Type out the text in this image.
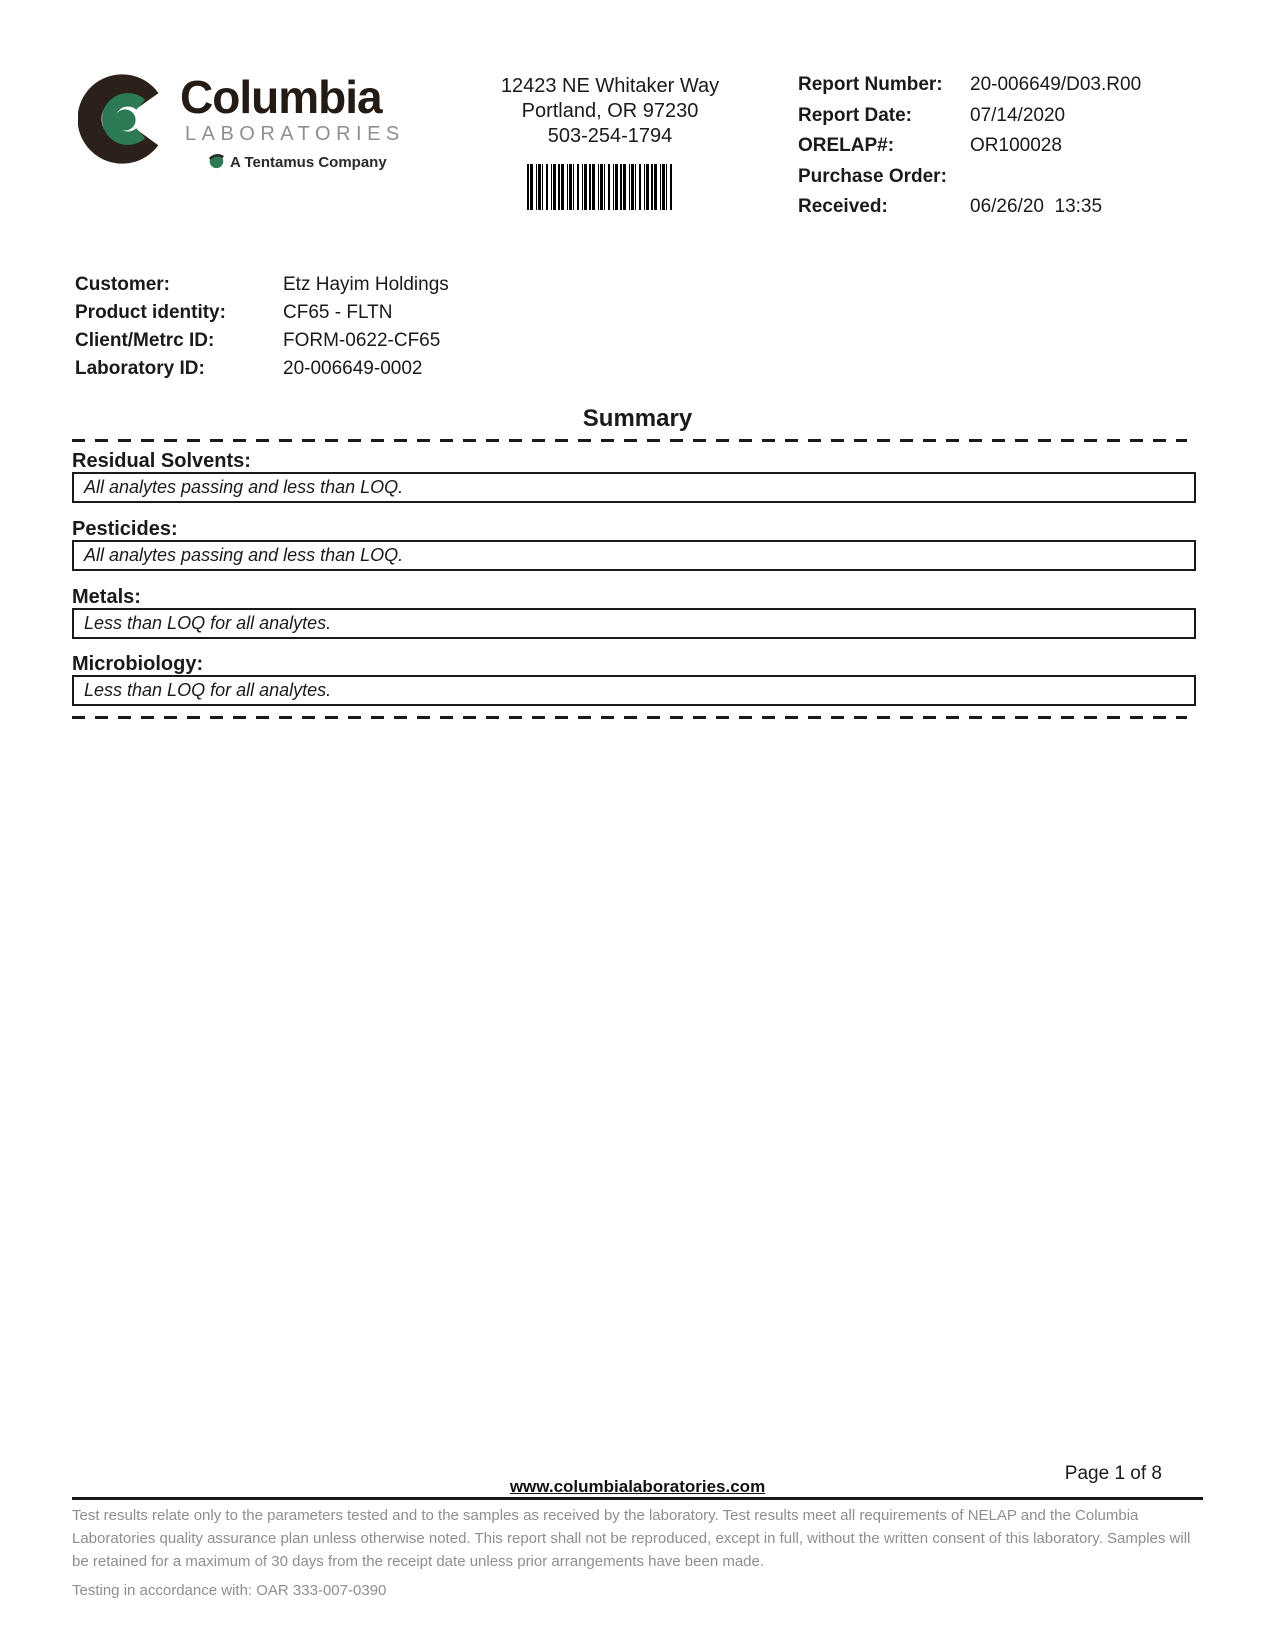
Columbia
LABORATORIES
A Tentamus Company
12423 NE Whitaker Way
Portland, OR 97230
503-254-1794
Report Number:	20-006649/D03.R00
Report Date:	07/14/2020
ORELAP#:	OR100028
Purchase Order:
Received:	06/26/20  13:35
Customer:	Etz Hayim Holdings
Product identity:	CF65 - FLTN
Client/Metrc ID:	FORM-0622-CF65
Laboratory ID:	20-006649-0002
Summary
Residual Solvents:
All analytes passing and less than LOQ.
Pesticides:
All analytes passing and less than LOQ.
Metals:
Less than LOQ for all analytes.
Microbiology:
Less than LOQ for all analytes.
Page 1 of 8
www.columbialaboratories.com
Test results relate only to the parameters tested and to the samples as received by the laboratory. Test results meet all requirements of NELAP and the Columbia Laboratories quality assurance plan unless otherwise noted. This report shall not be reproduced, except in full, without the written consent of this laboratory. Samples will be retained for a maximum of 30 days from the receipt date unless prior arrangements have been made.
Testing in accordance with: OAR 333-007-0390
